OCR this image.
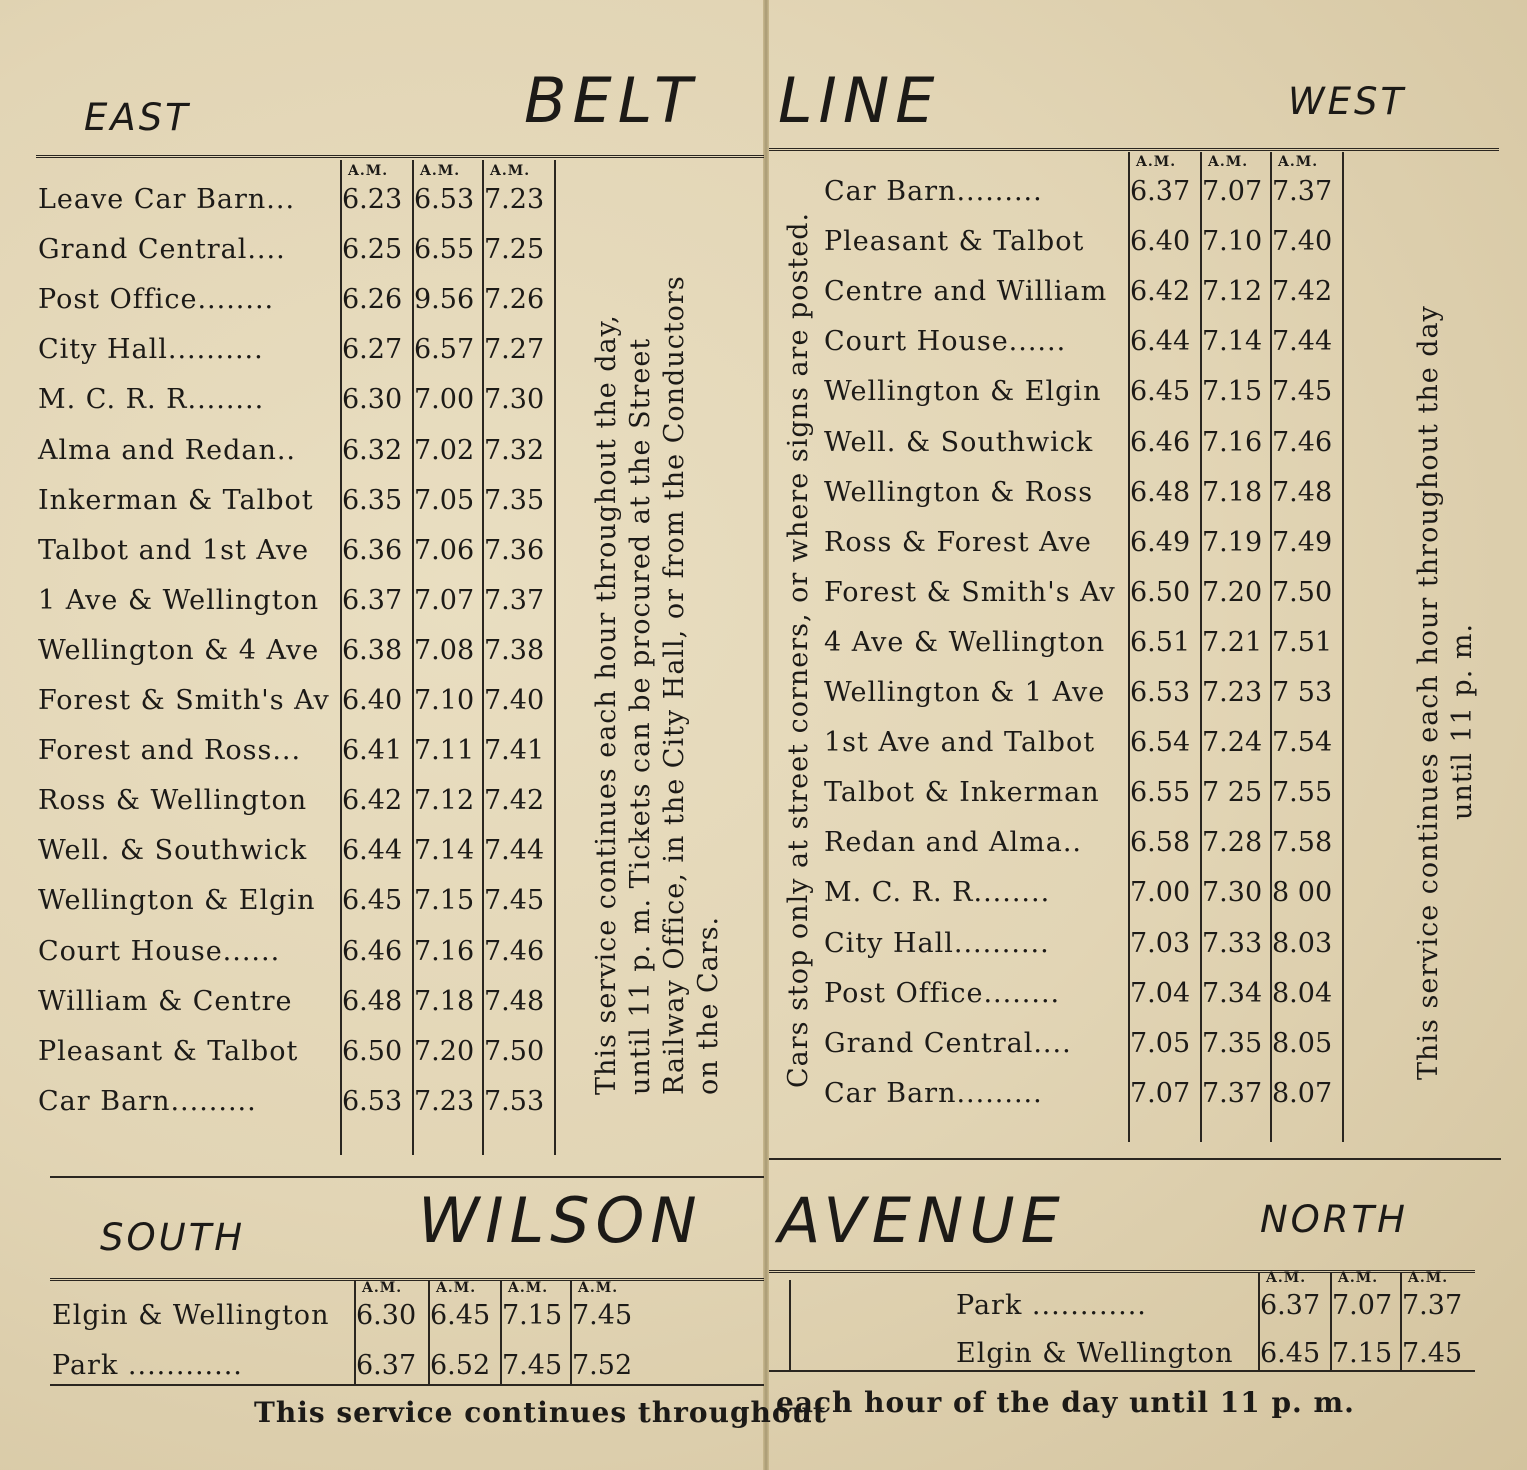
EAST	BELT LINE	WEST
A.M. A.M. A.M.
Leave Car Barn... 6.23 6.53 7.23
Grand Central.... 6.25 6.55 7.25
Post Office........	6.26 9.56 7.26
City Hall..........	6.27 6.57 7.27
M. C. R. R........	6.30 7.00 7.30
Alma and Redan.. 6.32 7.02 7.32
Inkerman & Talbot 6.35 7.05 7.35
Talbot and 1st Ave 6.36 7.06 7.36
1 Ave & Wellington 6.37 7.07 7.37
Wellington & 4 Ave 6.38 7.08 7.38
Forest & Smith's Av 6.40 7.10 7.40
Forest and Ross... 6.41 7.11 7.41
Ross & Wellington 6.42 7.12 7.42
Well. & Southwick 6.44 7.14 7.44
Wellington & Elgin 6.45 7.15 7.45
Court House...... 6.46 7.16 7.46
William & Centre 6.48 7.18 7.48
Pleasant & Talbot 6.50 7.20 7.50
Car Barn.........	6.53 7.23 7.53
A.M. A.M. A.M.
Car Barn.........	6.37 7.07 7.37
Pleasant & Talbot 6.40 7.10 7.40
Centre and William 6.42 7.12 7.42
Court House...... 6.44 7.14 7.44
Wellington & Elgin 6.45 7.15 7.45
Well. & Southwick 6.46 7.16 7.46
Wellington & Ross 6.48 7.18 7.48
Ross & Forest Ave 6.49 7.19 7.49
Forest & Smith's Av 6.50 7.20 7.50
4 Ave & Wellington 6.51 7.21 7.51
Wellington & 1 Ave 6.53 7.23 7 53
1st Ave and Talbot 6.54 7.24 7.54
Talbot & Inkerman 6.55 7 25 7.55
Redan and Alma.. 6.58 7.28 7.58
M. C. R. R........	7.00 7.30 8 00
City Hall..........	7.03 7.33 8.03
Post Office........	7.04 7.34 8.04
Grand Central.... 7.05 7.35 8.05
Car Barn.........	7.07 7.37 8.07
This service continues each hour throughout the day, until 11 p. m. Tickets can be procured at the Street Railway Office, in the City Hall, or from the Conductors on the Cars. Cars stop only at street corners, or where signs are posted.	This service continues each hour throughout the day until 11 p. m.
SOUTH	WILSON AVENUE	NORTH
A.M. A.M. A.M. A.M.
Elgin & Wellington 6.30 6.45 7.15 7.45
Park ............	6.37 6.52 7.45 7.52
A.M. A.M. A.M.
Park ............	6.37 7.07 7.37
Elgin & Wellington 6.45 7.15 7.45
This service continues throughout
each hour of the day until 11 p. m.
